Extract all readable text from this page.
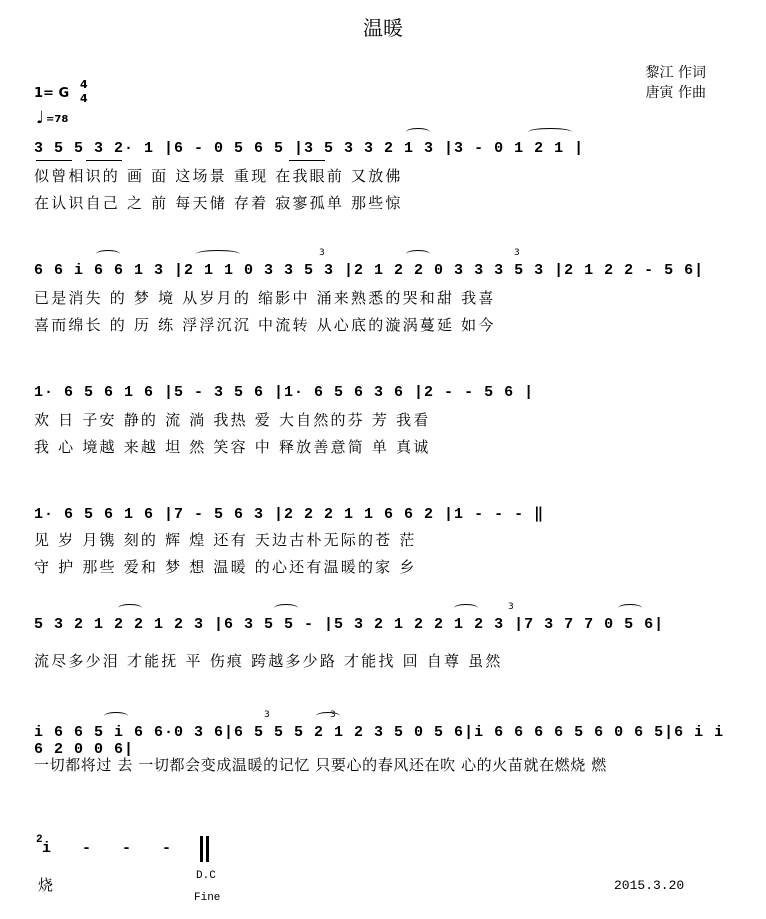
温暖
黎江 作词
唐寅 作曲
1= G
4
4
♩ =78
3 5 5 3 2· 1 |6 - 0 5 6 5 |3 5 3 3 2 1 3 |3 - 0 1 2 1 |
似曾相识的 画 面 这场景 重现 在我眼前 又放佛
在认识自己 之 前 每天储 存着 寂寥孤单 那些惊
6 6 i 6 6 1 3 |2 1 1 0 3 3 5 3 |2 1 2 2 0 3 3 3 5 3 |2 1 2 2 - 5 6|
已是消失 的 梦 境 从岁月的 缩影中 涌来熟悉的哭和甜 我喜
喜而绵长 的 历 练 浮浮沉沉 中流转 从心底的漩涡蔓延 如今
3	3
1· 6 5 6 1 6 |5 - 3 5 6 |1· 6 5 6 3 6 |2 - - 5 6 |
欢 日 子安 静的 流 淌 我热 爱 大自然的芬 芳 我看
我 心 境越 来越 坦 然 笑容 中 释放善意简 单 真诚
1· 6 5 6 1 6 |7 - 5 6 3 |2 2 2 1 1 6 6 2 |1 - - - ‖
见 岁 月镌 刻的 辉 煌 还有 天边古朴无际的苍 茫
守 护 那些 爱和 梦 想 温暖 的心还有温暖的家 乡
5 3 2 1 2 2 1 2 3 |6 3 5 5 - |5 3 2 1 2 2 1 2 3 |7 3 7 7 0 5 6|
流尽多少泪 才能抚 平 伤痕 跨越多少路 才能找 回 自尊 虽然
3
i 6 6 5 i 6 6·0 3 6|6 5 5 5 2 1 2 3 5 0 5 6|i 6 6 6 6 5 6 0 6 5|6 i i 6 2 0 0 6|
一切都将过 去 一切都会变成温暖的记忆 只要心的春风还在吹 心的火苗就在燃烧 燃
3	3
2 i   -   -   -
烧	D.C
Fine
2015.3.20
